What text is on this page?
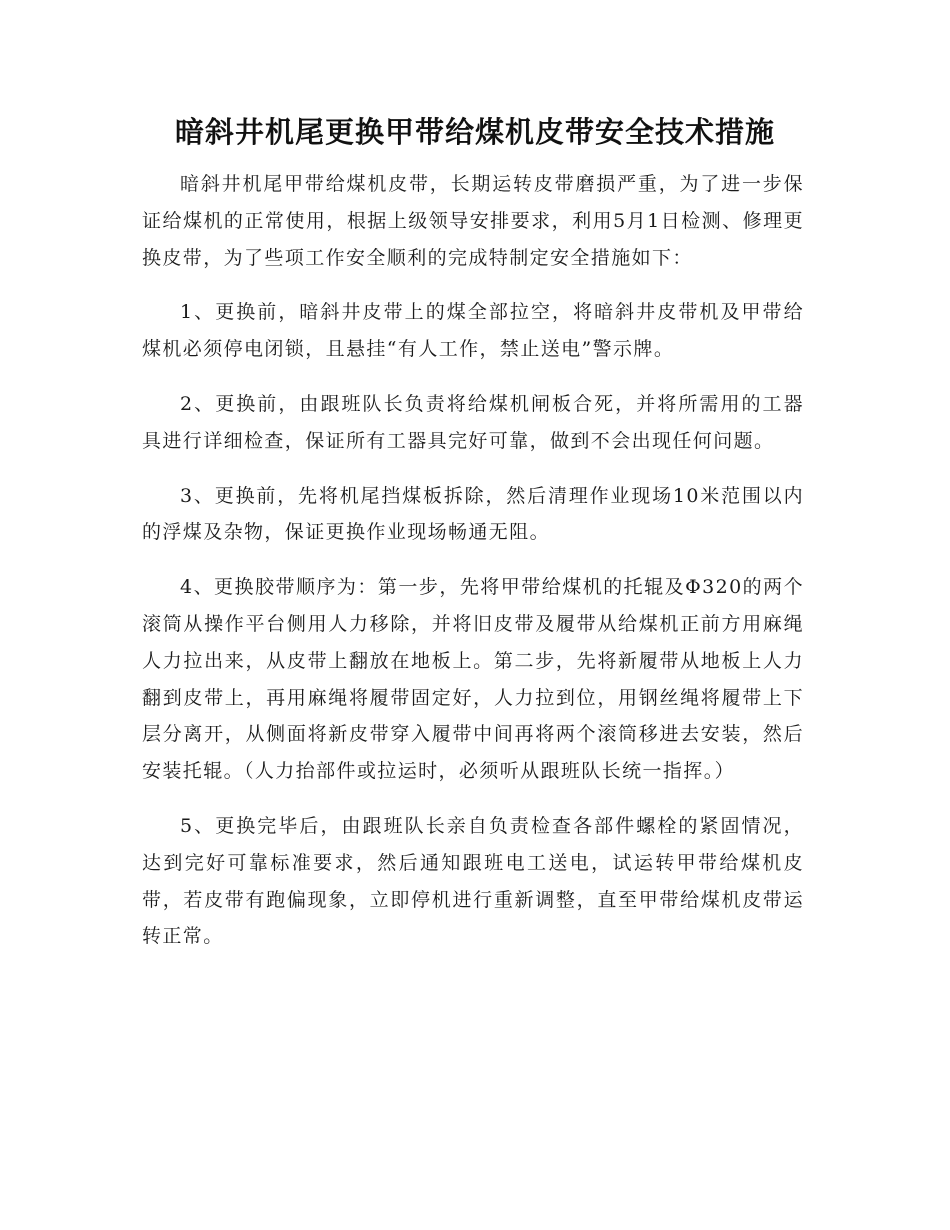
暗斜井机尾更换甲带给煤机皮带安全技术措施

暗斜井机尾甲带给煤机皮带，长期运转皮带磨损严重，为了进一步保证给煤机的正常使用，根据上级领导安排要求，利用5月1日检测、修理更换皮带，为了些项工作安全顺利的完成特制定安全措施如下：

1、更换前，暗斜井皮带上的煤全部拉空，将暗斜井皮带机及甲带给煤机必须停电闭锁，且悬挂“有人工作，禁止送电”警示牌。

2、更换前，由跟班队长负责将给煤机闸板合死，并将所需用的工器具进行详细检查，保证所有工器具完好可靠，做到不会出现任何问题。

3、更换前，先将机尾挡煤板拆除，然后清理作业现场10米范围以内的浮煤及杂物，保证更换作业现场畅通无阻。

4、更换胶带顺序为：第一步，先将甲带给煤机的托辊及Φ320的两个滚筒从操作平台侧用人力移除，并将旧皮带及履带从给煤机正前方用麻绳人力拉出来，从皮带上翻放在地板上。第二步，先将新履带从地板上人力翻到皮带上，再用麻绳将履带固定好，人力拉到位，用钢丝绳将履带上下层分离开，从侧面将新皮带穿入履带中间再将两个滚筒移进去安装，然后安装托辊。（人力抬部件或拉运时，必须听从跟班队长统一指挥。）

5、更换完毕后，由跟班队长亲自负责检查各部件螺栓的紧固情况，达到完好可靠标准要求，然后通知跟班电工送电，试运转甲带给煤机皮带，若皮带有跑偏现象，立即停机进行重新调整，直至甲带给煤机皮带运转正常。
